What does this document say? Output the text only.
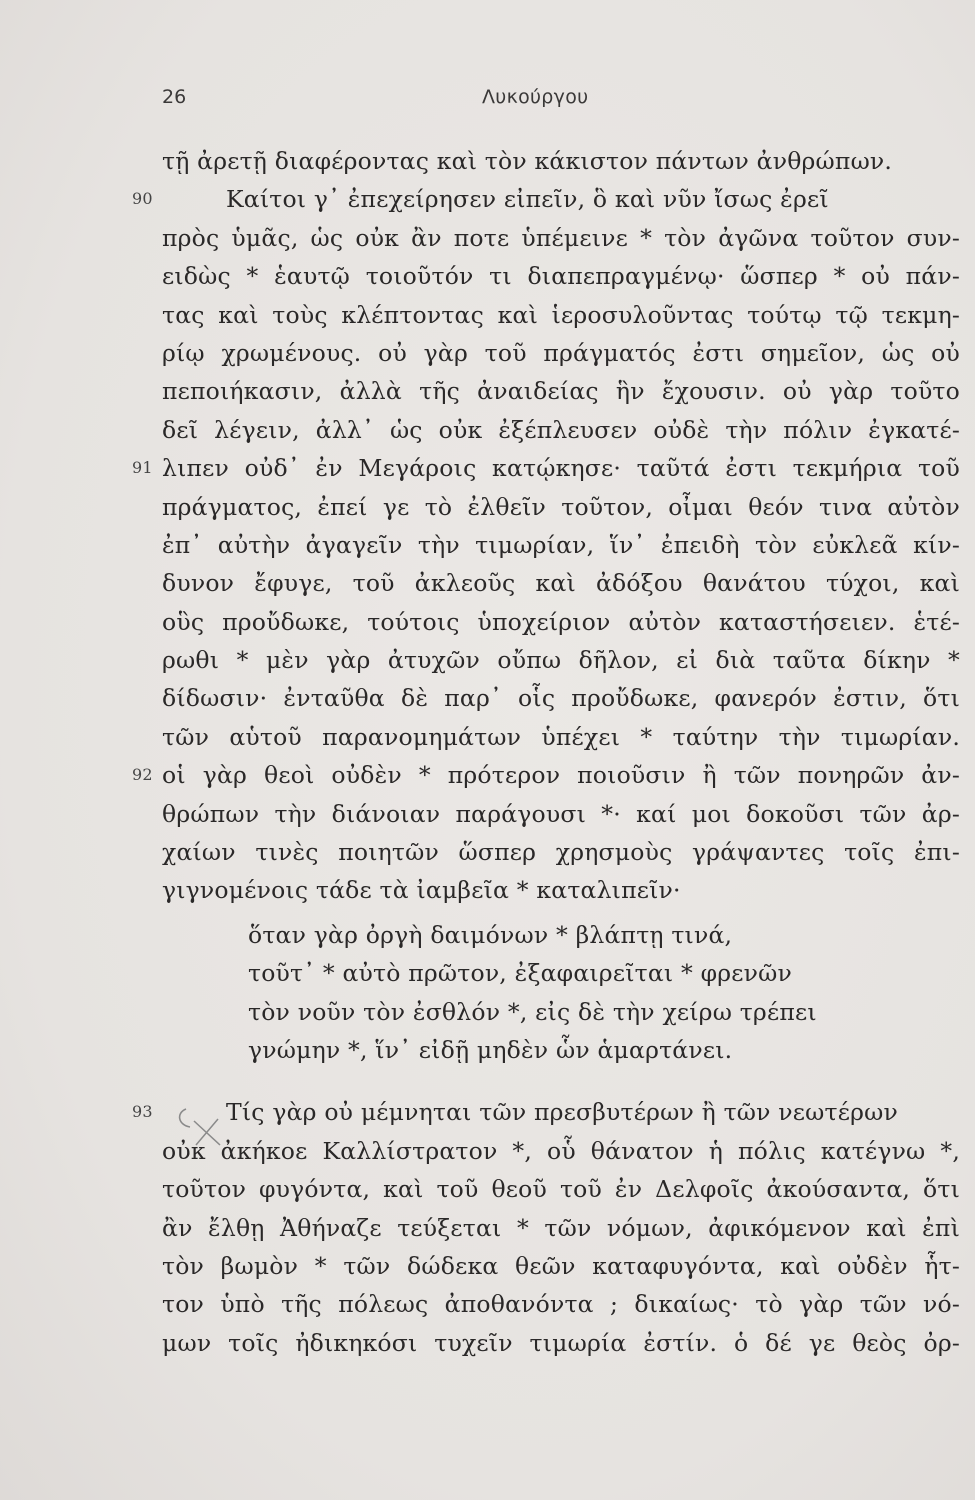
26	Λυκούργου
τῇ ἀρετῇ διαφέροντας καὶ τὸν κάκιστον πάντων ἀνθρώπων.
90	Καίτοι γ᾽ ἐπεχείρησεν εἰπεῖν, ὃ καὶ νῦν ἴσως ἐρεῖ
πρὸς ὑμᾶς, ὡς οὐκ ἂν ποτε ὑπέμεινε * τὸν ἀγῶνα τοῦτον συν-
ειδὼς * ἑαυτῷ τοιοῦτόν τι διαπεπραγμένῳ· ὥσπερ * οὐ πάν-
τας καὶ τοὺς κλέπτοντας καὶ ἱεροσυλοῦντας τούτῳ τῷ τεκμη-
ρίῳ χρωμένους. οὐ γὰρ τοῦ πράγματός ἐστι σημεῖον, ὡς οὐ
πεποιήκασιν, ἀλλὰ τῆς ἀναιδείας ἣν ἔχουσιν. οὐ γὰρ τοῦτο
δεῖ λέγειν, ἀλλ᾽ ὡς οὐκ ἐξέπλευσεν οὐδὲ τὴν πόλιν ἐγκατέ-
91 λιπεν οὐδ᾽ ἐν Μεγάροις κατῴκησε· ταῦτά ἐστι τεκμήρια τοῦ
πράγματος, ἐπεί γε τὸ ἐλθεῖν τοῦτον, οἶμαι θεόν τινα αὐτὸν
ἐπ᾽ αὐτὴν ἀγαγεῖν τὴν τιμωρίαν, ἵν᾽ ἐπειδὴ τὸν εὐκλεᾶ κίν-
δυνον ἔφυγε, τοῦ ἀκλεοῦς καὶ ἀδόξου θανάτου τύχοι, καὶ
οὓς προὔδωκε, τούτοις ὑποχείριον αὐτὸν καταστήσειεν. ἑτέ-
ρωθι * μὲν γὰρ ἀτυχῶν οὔπω δῆλον, εἰ διὰ ταῦτα δίκην *
δίδωσιν· ἐνταῦθα δὲ παρ᾽ οἷς προὔδωκε, φανερόν ἐστιν, ὅτι
τῶν αὑτοῦ παρανομημάτων ὑπέχει * ταύτην τὴν τιμωρίαν.
92 οἱ γὰρ θεοὶ οὐδὲν * πρότερον ποιοῦσιν ἢ τῶν πονηρῶν ἀν-
θρώπων τὴν διάνοιαν παράγουσι *· καί μοι δοκοῦσι τῶν ἀρ-
χαίων τινὲς ποιητῶν ὥσπερ χρησμοὺς γράψαντες τοῖς ἐπι-
γιγνομένοις τάδε τὰ ἰαμβεῖα * καταλιπεῖν·
ὅταν γὰρ ὀργὴ δαιμόνων * βλάπτῃ τινά,
τοῦτ᾽ * αὐτὸ πρῶτον, ἐξαφαιρεῖται * φρενῶν
τὸν νοῦν τὸν ἐσθλόν *, εἰς δὲ τὴν χείρω τρέπει
γνώμην *, ἵν᾽ εἰδῇ μηδὲν ὧν ἁμαρτάνει.
93	Τίς γὰρ οὐ μέμνηται τῶν πρεσβυτέρων ἢ τῶν νεωτέρων
οὐκ ἀκήκοε Καλλίστρατον *, οὗ θάνατον ἡ πόλις κατέγνω *,
τοῦτον φυγόντα, καὶ τοῦ θεοῦ τοῦ ἐν Δελφοῖς ἀκούσαντα, ὅτι
ἂν ἔλθῃ Ἀθήναζε τεύξεται * τῶν νόμων, ἀφικόμενον καὶ ἐπὶ
τὸν βωμὸν * τῶν δώδεκα θεῶν καταφυγόντα, καὶ οὐδὲν ἧτ-
τον ὑπὸ τῆς πόλεως ἀποθανόντα ; δικαίως· τὸ γὰρ τῶν νό-
μων τοῖς ἠδικηκόσι τυχεῖν τιμωρία ἐστίν. ὁ δέ γε θεὸς ὀρ-
